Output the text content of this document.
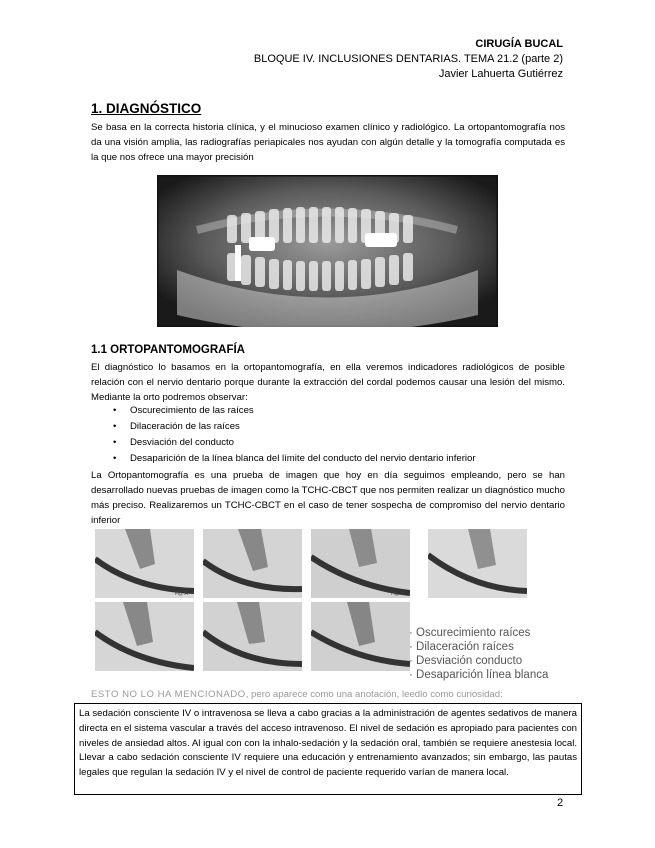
CIRUGÍA BUCAL
BLOQUE IV. INCLUSIONES DENTARIAS. TEMA 21.2 (parte 2)
Javier Lahuerta Gutiérrez
1. DIAGNÓSTICO

Se basa en la correcta historia clínica, y el minucioso examen clínico y radiológico. La ortopantomografía nos da una visión amplia, las radiografías periapicales nos ayudan con algún detalle y la tomografía computada es la que nos ofrece una mayor precisión

1.1 ORTOPANTOMOGRAFÍA

El diagnóstico lo basamos en la ortopantomografía, en ella veremos indicadores radiológicos de posible relación con el nervio dentario porque durante la extracción del cordal podemos causar una lesión del mismo. Mediante la orto podremos observar:

• Oscurecimiento de las raíces
• Dilaceración de las raíces
• Desviación del conducto
• Desaparición de la línea blanca del límite del conducto del nervio dentario inferior

La Ortopantomografía es una prueba de imagen que hoy en día seguimos empleando, pero se han desarrollado nuevas pruebas de imagen como la TCHC-CBCT que nos permiten realizar un diagnóstico mucho más preciso. Realizaremos un TCHC-CBCT en el caso de tener sospecha de compromiso del nervio dentario inferior

Fig. A	Fig. B
· Oscurecimiento raíces
· Dilaceración raíces
· Desviación conducto
· Desaparición línea blanca
ESTO NO LO HA MENCIONADO, pero aparece como una anotación, leedlo como curiosidad:
La sedación consciente IV o intravenosa se lleva a cabo gracias a la administración de agentes sedativos de manera directa en el sistema vascular a través del acceso intravenoso. El nivel de sedación es apropiado para pacientes con niveles de ansiedad altos. Al igual con con la inhalo-sedación y la sedación oral, también se requiere anestesia local. Llevar a cabo sedación consciente IV requiere una educación y entrenamiento avanzados; sin embargo, las pautas legales que regulan la sedación IV y el nivel de control de paciente requerido varían de manera local.
2
